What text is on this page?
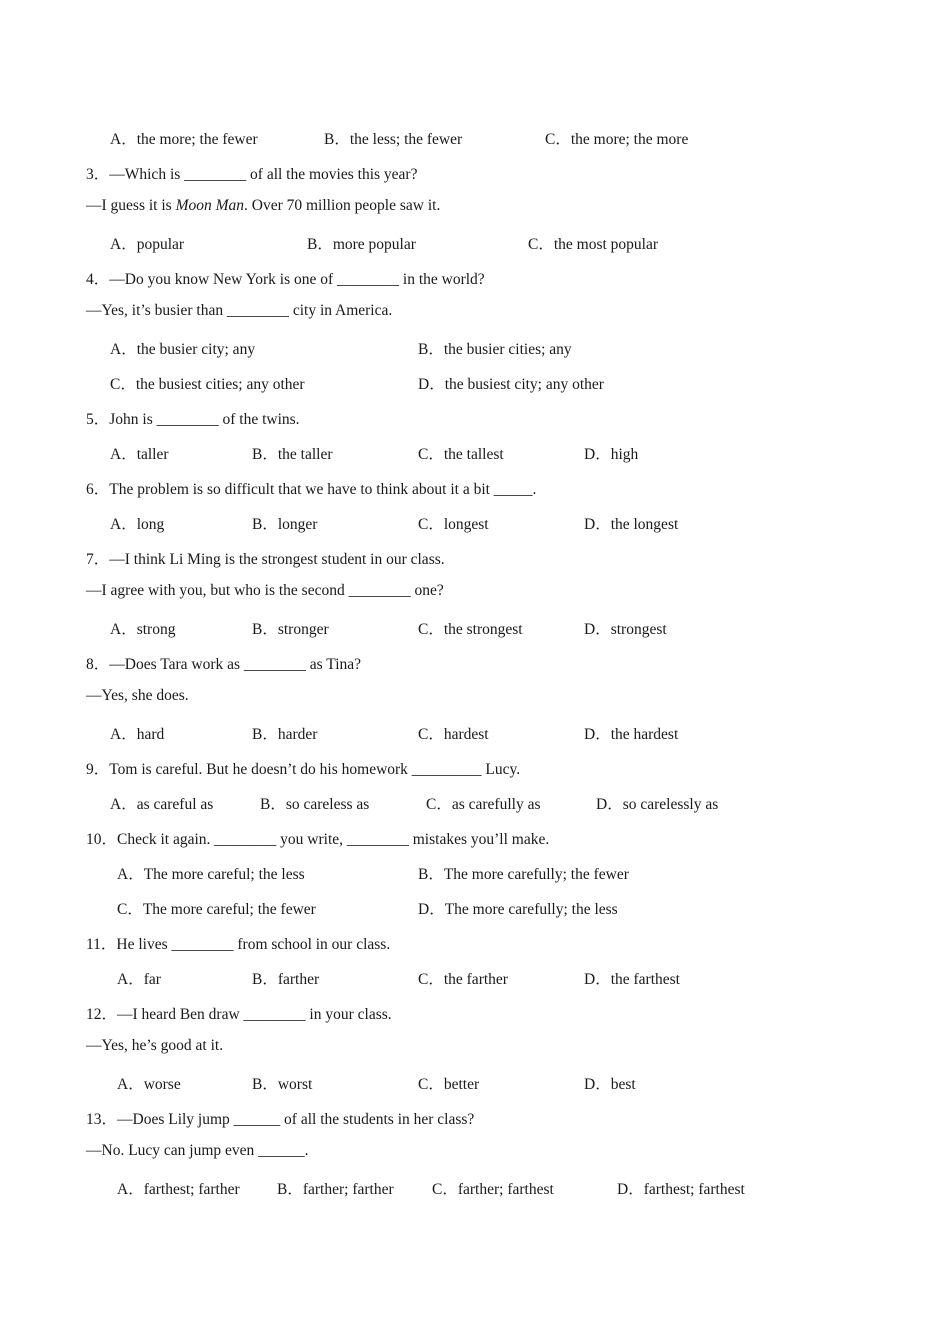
A．the more; the fewer	B．the less; the fewer	C．the more; the more
3．—Which is ________ of all the movies this year?
—I guess it is Moon Man. Over 70 million people saw it.
A．popular	B．more popular	C．the most popular
4．—Do you know New York is one of ________ in the world?
—Yes, it’s busier than ________ city in America.
A．the busier city; any	B．the busier cities; any
C．the busiest cities; any other	D．the busiest city; any other
5．John is ________ of the twins.
A．taller	B．the taller	C．the tallest	D．high
6．The problem is so difficult that we have to think about it a bit _____.
A．long	B．longer	C．longest	D．the longest
7．—I think Li Ming is the strongest student in our class.
—I agree with you, but who is the second ________ one?
A．strong	B．stronger	C．the strongest	D．strongest
8．—Does Tara work as ________ as Tina?
—Yes, she does.
A．hard	B．harder	C．hardest	D．the hardest
9．Tom is careful. But he doesn’t do his homework _________ Lucy.
A．as careful as	B．so careless as	C．as carefully as	D．so carelessly as
10．Check it again. ________ you write, ________ mistakes you’ll make.
A．The more careful; the less	B．The more carefully; the fewer
C．The more careful; the fewer	D．The more carefully; the less
11．He lives ________ from school in our class.
A．far	B．farther	C．the farther	D．the farthest
12．—I heard Ben draw ________ in your class.
—Yes, he’s good at it.
A．worse	B．worst	C．better	D．best
13．—Does Lily jump ______ of all the students in her class?
—No. Lucy can jump even ______.
A．farthest; farther B．farther; farther C．farther; farthest	D．farthest; farthest
